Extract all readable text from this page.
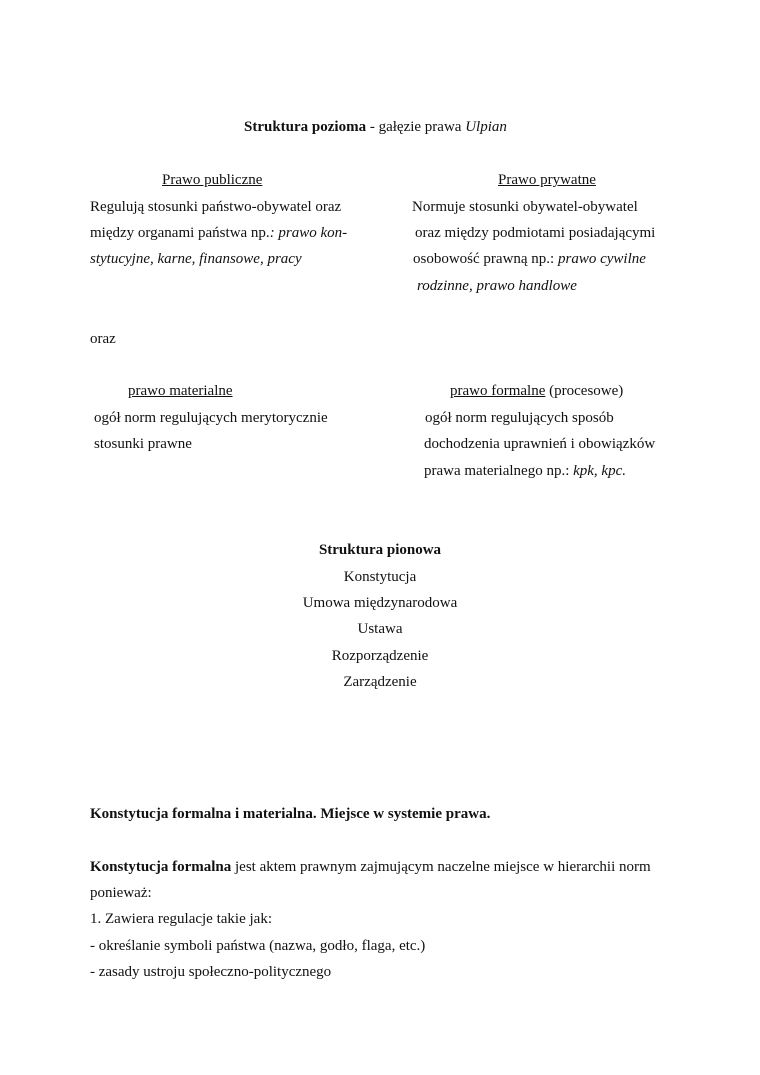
Struktura pozioma - gałęzie prawa Ulpian
Prawo publiczne
Regulują stosunki państwo-obywatel oraz
między organami państwa np.: prawo kon-
stytucyjne, karne, finansowe, pracy
Prawo prywatne
Normuje stosunki obywatel-obywatel
oraz między podmiotami posiadającymi
osobowość prawną np.: prawo cywilne
rodzinne, prawo handlowe
oraz
prawo materialne
ogół norm regulujących merytorycznie
stosunki prawne
prawo formalne (procesowe)
ogół norm regulujących sposób
dochodzenia uprawnień i obowiązków
prawa materialnego np.: kpk, kpc.
Struktura pionowa
Konstytucja
Umowa międzynarodowa
Ustawa
Rozporządzenie
Zarządzenie
Konstytucja formalna i materialna. Miejsce w systemie prawa.
Konstytucja formalna jest aktem prawnym zajmującym naczelne miejsce w hierarchii norm
ponieważ:
1. Zawiera regulacje takie jak:
- określanie symboli państwa (nazwa, godło, flaga, etc.)
- zasady ustroju społeczno-politycznego
